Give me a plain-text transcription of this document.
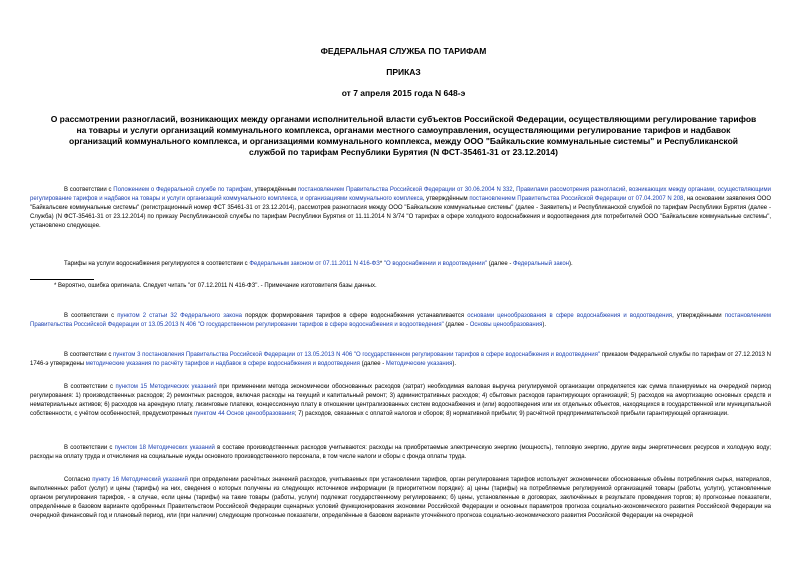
ФЕДЕРАЛЬНАЯ СЛУЖБА ПО ТАРИФАМ

ПРИКАЗ

от 7 апреля 2015 года N 648-э

О рассмотрении разногласий, возникающих между органами исполнительной власти субъектов Российской Федерации, осуществляющими регулирование тарифов на товары и услуги организаций коммунального комплекса, органами местного самоуправления, осуществляющими регулирование тарифов и надбавок организаций коммунального комплекса, и организациями коммунального комплекса, между ООО "Байкальские коммунальные системы" и Республиканской службой по тарифам Республики Бурятия (N ФСТ-35461-31 от 23.12.2014)
В соответствии с Положением о Федеральной службе по тарифам, утверждённым постановлением Правительства Российской Федерации от 30.06.2004 N 332, Правилами рассмотрения разногласий, возникающих между органами, осуществляющими регулирование тарифов и надбавок на товары и услуги организаций коммунального комплекса, и организациями коммунального комплекса, утверждённым постановлением Правительства Российской Федерации от 07.04.2007 N 208, на основании заявления ООО "Байкальские коммунальные системы" (регистрационный номер ФСТ 35461-31 от 23.12.2014), рассмотрев разногласия между ООО "Байкальские коммунальные системы" (далее - Заявитель) и Республиканской службой по тарифам Республики Бурятия (далее - Служба) (N ФСТ-35461-31 от 23.12.2014) по приказу Республиканской службы по тарифам Республики Бурятия от 11.11.2014 N 3/74 "О тарифах в сфере холодного водоснабжения и водоотведения для потребителей ООО "Байкальские коммунальные системы", установлено следующее.
Тарифы на услуги водоснабжения регулируются в соответствии с Федеральным законом от 07.11.2011 N 416-ФЗ* "О водоснабжении и водоотведении" (далее - Федеральный закон).
* Вероятно, ошибка оригинала. Следует читать "от 07.12.2011 N 416-ФЗ". - Примечание изготовителя базы данных.
В соответствии с пунктом 2 статьи 32 Федерального закона порядок формирования тарифов в сфере водоснабжения устанавливается основами ценообразования в сфере водоснабжения и водоотведения, утверждёнными постановлением Правительства Российской Федерации от 13.05.2013 N 406 "О государственном регулировании тарифов в сфере водоснабжения и водоотведения" (далее - Основы ценообразования).
В соответствии с пунктом 3 постановления Правительства Российской Федерации от 13.05.2013 N 406 "О государственном регулировании тарифов в сфере водоснабжения и водоотведения" приказом Федеральной службы по тарифам от 27.12.2013 N 1746-э утверждены методические указания по расчёту тарифов и надбавок в сфере водоснабжения и водоотведения (далее - Методические указания).
В соответствии с пунктом 15 Методических указаний при применении метода экономически обоснованных расходов (затрат) необходимая валовая выручка регулируемой организации определяется как сумма планируемых на очередной период регулирования: 1) производственных расходов; 2) ремонтных расходов, включая расходы на текущий и капитальный ремонт; 3) административных расходов; 4) сбытовых расходов гарантирующих организаций; 5) расходов на амортизацию основных средств и нематериальных активов; 6) расходов на арендную плату, лизинговые платежи, концессионную плату в отношении централизованных систем водоснабжения и (или) водоотведения или их отдельных объектов, находящихся в государственной или муниципальной собственности, с учётом особенностей, предусмотренных пунктом 44 Основ ценообразования; 7) расходов, связанных с оплатой налогов и сборов; 8) нормативной прибыли; 9) расчётной предпринимательской прибыли гарантирующей организации.
В соответствии с пунктом 18 Методических указаний в составе производственных расходов учитываются: расходы на приобретаемые электрическую энергию (мощность), тепловую энергию, другие виды энергетических ресурсов и холодную воду; расходы на оплату труда и отчисления на социальные нужды основного производственного персонала, в том числе налоги и сборы с фонда оплаты труда.
Согласно пункту 16 Методический указаний при определении расчётных значений расходов, учитываемых при установлении тарифов, орган регулирования тарифов использует экономически обоснованные объёмы потребления сырья, материалов, выполненных работ (услуг) и цены (тарифы) на них, сведения о которых получены из следующих источников информации (в приоритетном порядке): а) цены (тарифы) на потребляемые регулируемой организацией товары (работы, услуги), установленные органом регулирования тарифов, - в случае, если цены (тарифы) на такие товары (работы, услуги) подлежат государственному регулированию; б) цены, установленные в договорах, заключённых в результате проведения торгов; в) прогнозные показатели, определённые в базовом варианте одобренных Правительством Российской Федерации сценарных условий функционирования экономики Российской Федерации и основных параметров прогноза социально-экономического развития Российской Федерации на очередной финансовый год и плановый период, или (при наличии) следующие прогнозные показатели, определённые в базовом варианте уточнённого прогноза социально-экономического развития Российской Федерации на очередной
